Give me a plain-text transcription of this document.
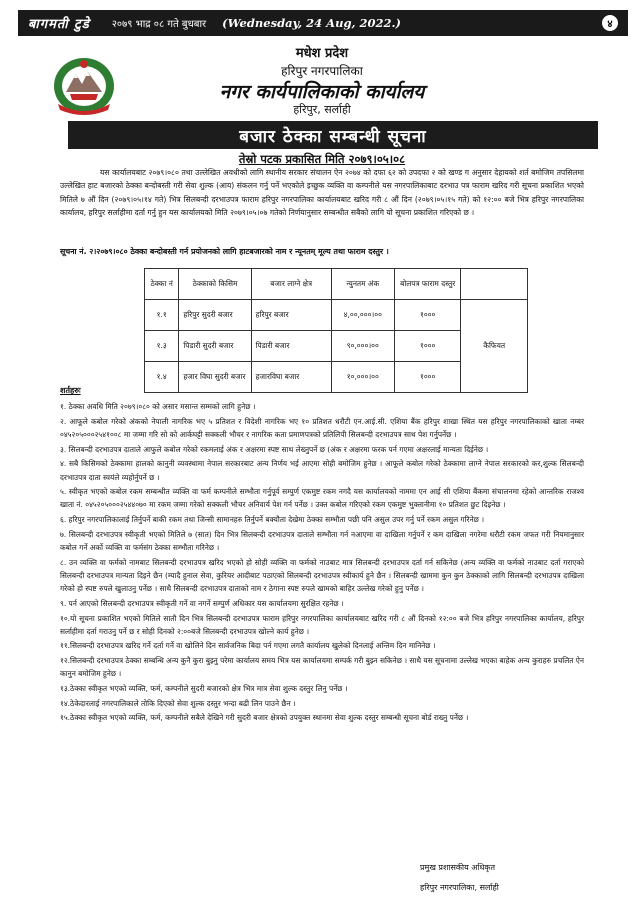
बागमती टुडे २०७९ भाद्र ०८ गते बुधबार (Wednesday, 24 Aug, 2022.)	४
मधेश प्रदेश
हरिपुर नगरपालिका
नगर कार्यपालिकाको कार्यालय
हरिपुर, सर्लाही
बजार ठेक्का सम्बन्धी सूचना
तेस्रो पटक प्रकासित मिति २०७९।०५।०८
यस कार्यालयबाट २०७९।०८० तथा उल्लेखित अवधीको लागि स्थानीय सरकार संचालन ऐन २०७४ को दफा ६२ को उपदफा २ को खण्ड ग अनुसार देहायको शर्त बमोजिम तपसिलमा उल्लेखित हाट बजारको ठेक्का बन्दोबस्ती गरी सेवा शुल्क (आय) संकलन गर्नु पर्ने भएकोले इच्छुक व्यक्ति वा कम्पनीले यस नगरपालिकाबाट दरभाउ पत्र फाराम खरिद गरी सूचना प्रकाशित भएको मितिले ७ औं दिन (२०७९।०५।१४ गते) भित्र सिलबन्दी दरभाउपत्र फाराम हरिपुर नगरपालिका कार्यालयबाट खरिद गरी ८ औं दिन (२०७९।०५।१५ गते) को १२:०० बजे भित्र हरिपुर नगरपालिका कार्यालय, हरिपुर सर्लाहीमा दर्ता गर्नु हुन यस कार्यालयको मिति २०७९।०५।०७ गतेको निर्णयानुसार सम्बन्धीत सबैको लागि यो सूचना प्रकाशित गरिएको छ ।
सूचना नं. २।२०७९।०८० ठेक्का बन्दोबस्ती गर्न प्रयोजनको लागि हाटबजारको नाम र न्यूनतम् मूल्य तथा फाराम दस्तुर ।
ठेक्का नं	ठेक्काको किसिम	बजार लाग्ने क्षेत्र	न्युनतम अंक	बोलपत्र फाराम दस्तुर	
१.१	हरिपुर सुदरी बजार	हरिपुर बजार	४,००,०००।००	१०००	कैफियत
१.३	पिडारी सुदरी बजार	पिडारी बजार	९०,०००।००	१०००	
१.४	हजार विघा सुदरी बजार	हजारविघा बजार	१०,०००।००	१०००	
शर्तहरुः
१. ठेक्का अवधि मिति २०७९।०८० को असार मसान्त सम्मको लागि हुनेछ ।
२. आफूले कबोल गरेको अंकको नेपाली नागरिक भए ५ प्रतिशत र विदेशी नागरिक भए १० प्रतिशत धरौटी एन.आई.सी. एशिया बैंक हरिपुर शाखा स्थित यस हरिपुर नगरपालिकाको खाता नम्बर ०४५२०५०००२५४१००८ मा जम्मा गरि सो को आर्कघट्टी सक्कली भौचर र नागरिक कता प्रमाणपत्रको प्रतिलिपी सिलबन्दी दरभाउपत्र साथ पेश गर्नुपर्नेछ ।
३. सिलबन्दी दरभाउपत्र दाताले आफुले कबोल गरेको रकमलाई अंक र अक्षरमा स्पष्ट साथ लेख्नुपर्ने छ (अंक र अक्षरमा फरक पर्न गएमा अक्षरलाई मान्यता दिईनेछ ।
४. सबै किसिमको ठेक्कामा हालको कानुनी व्यवस्थामा नेपाल सरकारबाट अन्य निर्णय भई आएमा सोही बमोजिम हुनेछ । आफूले कबोल गरेको ठेक्कामा लाग्ने नेपाल सरकारको कर,शुल्क सिलबन्दी दरभाउपत्र दाता स्वयंले व्यहोर्नुपर्ने छ ।
५. स्वीकृत भएको कबोल रकम सम्बन्धीत व्यक्ति वा फर्म कम्पनीले सम्भौता गर्नुपूर्व सम्पुर्ण एकमुष्ट रकम नगदै यस कार्यालयको नाममा एन आई सी एशिया बैंकमा संचालनमा रहेको आन्तरिक राजश्व खाता नं. ०४५२०५०००२५४४०७० मा रकम जम्मा गरेको सक्कली भौचर अनिवार्य पेश गर्न पर्नेछ । उक्त कबोल गरिएको रकम एकमुष्ट भुक्तानीमा १० प्रतिशत छुट दिइनेछ ।
६. हरिपुर नगरपालिकालाई तिर्नुपर्ने बाकी रकम तथा जिन्सी सामानहरु तिर्नुपर्ने बक्यौता देखेमा ठेक्का सम्भौता पछी पनि असुल उपर गर्नु पर्ने रकम असुल गरिनेछ ।
७. सिलबन्दी दरभाउपत्र स्वीकृती भएको मितिले ७ (सात) दिन भित्र सिलबन्दी दरभाउपत्र दाताले सम्भौता गर्न नआएमा वा दाखिला गर्नुपर्ने र कम दाखिला नगरेमा धरौटी रकम जफत गरी नियमानुसार कबोल गर्ने अर्को व्यक्ति वा फर्मसंग ठेक्का सम्भौता गरिनेछ ।
८. उन व्यक्ति वा फर्मको नामबाट सिलबन्दी दरभाउपत्र खरिद भएको हो सोही व्यक्ति वा फर्मको नाउबाट मात्र सिलबन्दी दरभाउपत्र दर्ता गर्न सकिनेछ (अन्य व्यक्ति वा फर्मको नाउबाट दर्ता गराएको सिलबन्दी दरभाउपत्र मान्यता दिइने छैन (म्यादै हुनाल सेवा, कुरियर आदीबाट पठाएको सिलबन्दी दरभाउपत्र स्वीकार्य हुने छैन । सिलबन्दी खाममा कुन कुन ठेक्काको लागि सिलबन्दी दरभाउपत्र दाखिला गरेको हो स्पष्ट रुपले खुलाउनु पर्नेछ । साथै सिलबन्दी दरभाउपत्र दाताको नाम र ठेगाना स्पष्ट रुपले खामको बाहिर उल्लेख गरेको हुनु पर्नेछ ।
९. पर्न आएको सिलबन्दी दरभाउपत्र स्वीकृती गर्ने वा नगर्ने सम्पुर्ण अधिकार यस कार्यालयमा सुरक्षित रहनेछ ।
१०.यो सूचना प्रकाशित भएको मितिले सातौ दिन भित्र सिलबन्दी दरभाउपत्र फाराम हरिपुर नगरपालिका कार्यालयबाट खरिद गरी ८ औं दिनको १२:०० बजे भित्र हरिपुर नगरपालिका कार्यालय, हरिपुर सर्लाहीमा दर्ता गराउनु पर्ने छ र सोही दिनको २:००बजे सिलबन्दी दरभाउपत्र खोल्ने कार्य हुनेछ ।
११.सिलबन्दी दरभाउपत्र खरिद गर्ने दर्ता गर्ने वा खोलिने दिन सार्वजनिक बिदा पर्न गएमा लगतै कार्यालय खुलेको दिनलाई अन्तिम दिन मानिनेछ ।
१२.सिलबन्दी दरभाउपत्र ठेक्का सम्बन्धि अन्य कुनै कुरा बुझ्नु परेमा कार्यालय समय भित्र यस कार्यालयमा सम्पर्क गरी बुझ्न सकिनेछ । साथै यस सूचनामा उल्लेख भएका बाहेक अन्य कुराहरु प्रचलित ऐन कानुन बमोजिम हुनेछ ।
१३.ठेक्का स्वीकृत भएको व्यक्ति, फर्म, कम्पनीले सुदरी बजारको क्षेत्र भित्र मात्र सेवा शुल्क दस्तुर लिनु पर्नेछ ।
१४.ठेकेदारलाई नगरपालिकाले तोकि दिएको सेवा शुल्क दस्तुर भन्दा बढी लिन पाउने छैन ।
१५.ठेक्का स्वीकृत भएको व्यक्ति, फर्म, कम्पनीले सबैले देखिने गरी सुदरी बजार क्षेत्रको उपयुक्त स्थानमा सेवा शुल्क दस्तुर सम्बन्धी सूचना बोर्ड राख्नु पर्नेछ ।
प्रमुख प्रशासकीय अधिकृत
हरिपुर नगरपालिका, सर्लाही
